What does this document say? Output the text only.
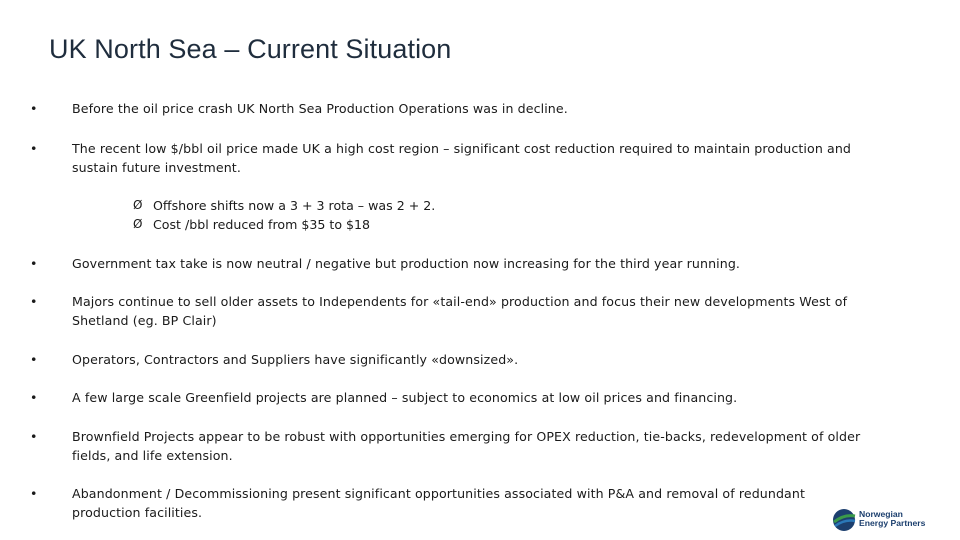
UK North Sea – Current Situation
•	Before the oil price crash UK North Sea Production Operations was in decline.
•	The recent low $/bbl oil price made UK a high cost region – significant cost reduction required to maintain production and sustain future investment.
Ø Offshore shifts now a 3 + 3 rota – was 2 + 2.
Ø Cost /bbl reduced from $35 to $18
•	Government tax take is now neutral / negative but production now increasing for the third year running.
•	Majors continue to sell older assets to Independents for «tail-end» production and focus their new developments West of Shetland (eg. BP Clair)
•	Operators, Contractors and Suppliers have significantly «downsized».
•	A few large scale Greenfield projects are planned – subject to economics at low oil prices and financing.
•	Brownfield Projects appear to be robust with opportunities emerging for OPEX reduction, tie-backs, redevelopment of older fields, and life extension.
•	Abandonment / Decommissioning present significant opportunities associated with P&A and removal of redundant production facilities.	Norwegian
Energy Partners
